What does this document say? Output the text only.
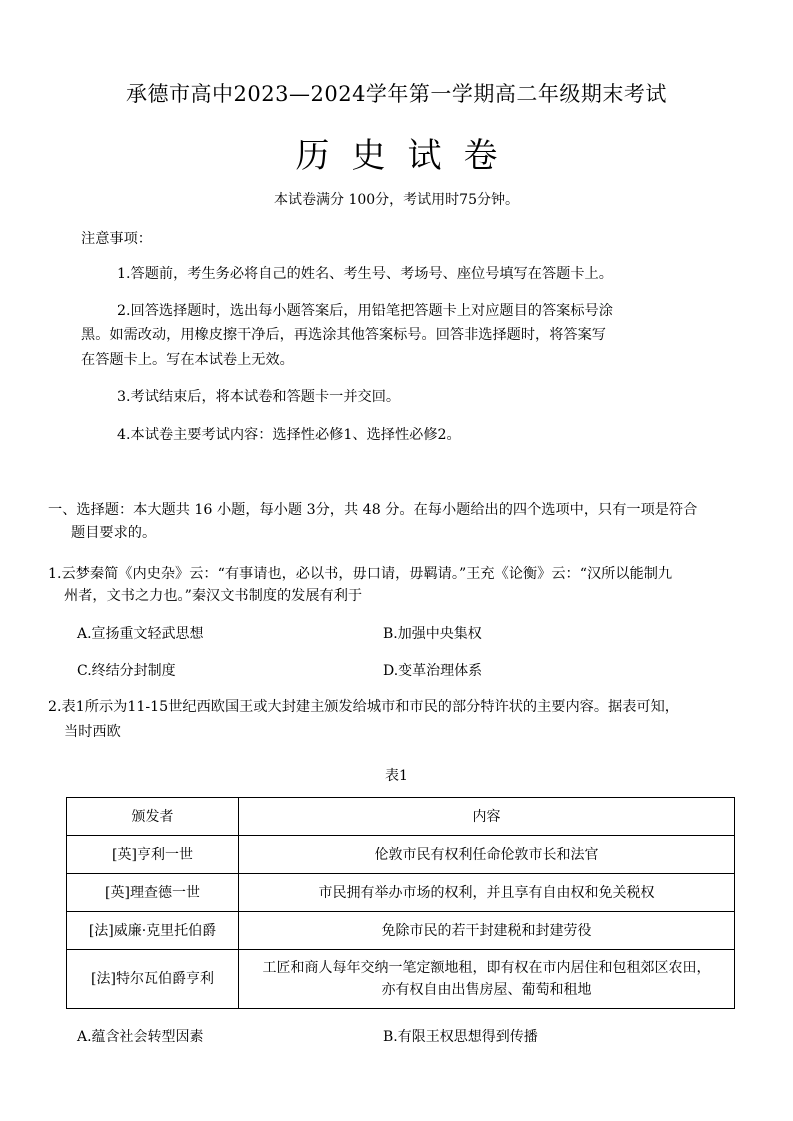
承德市高中2023—2024学年第一学期高二年级期末考试
历史试卷
本试卷满分 100分，考试用时75分钟。
注意事项：
1.答题前，考生务必将自己的姓名、考生号、考场号、座位号填写在答题卡上。
2.回答选择题时，选出每小题答案后，用铅笔把答题卡上对应题目的答案标号涂
黑。如需改动，用橡皮擦干净后，再选涂其他答案标号。回答非选择题时，将答案写
在答题卡上。写在本试卷上无效。
3.考试结束后，将本试卷和答题卡一并交回。
4.本试卷主要考试内容：选择性必修1、选择性必修2。
一、选择题：本大题共 16 小题，每小题 3分，共 48 分。在每小题给出的四个选项中，只有一项是符合
题目要求的。
1.云梦秦简《内史杂》云：“有事请也，必以书，毋口请，毋羁请。”王充《论衡》云：“汉所以能制九
州者，文书之力也。”秦汉文书制度的发展有利于
A.宣扬重文轻武思想	B.加强中央集权
C.终结分封制度	D.变革治理体系
2.表1所示为11-15世纪西欧国王或大封建主颁发给城市和市民的部分特许状的主要内容。据表可知，
当时西欧
表1
颁发者	内容
[英]亨利一世	伦敦市民有权利任命伦敦市长和法官
[英]理查德一世	市民拥有举办市场的权利，并且享有自由权和免关税权
[法]威廉·克里托伯爵	免除市民的若干封建税和封建劳役
[法]特尔瓦伯爵亨利	工匠和商人每年交纳一笔定额地租，即有权在市内居住和包租郊区农田，
亦有权自由出售房屋、葡萄和租地
A.蕴含社会转型因素	B.有限王权思想得到传播
